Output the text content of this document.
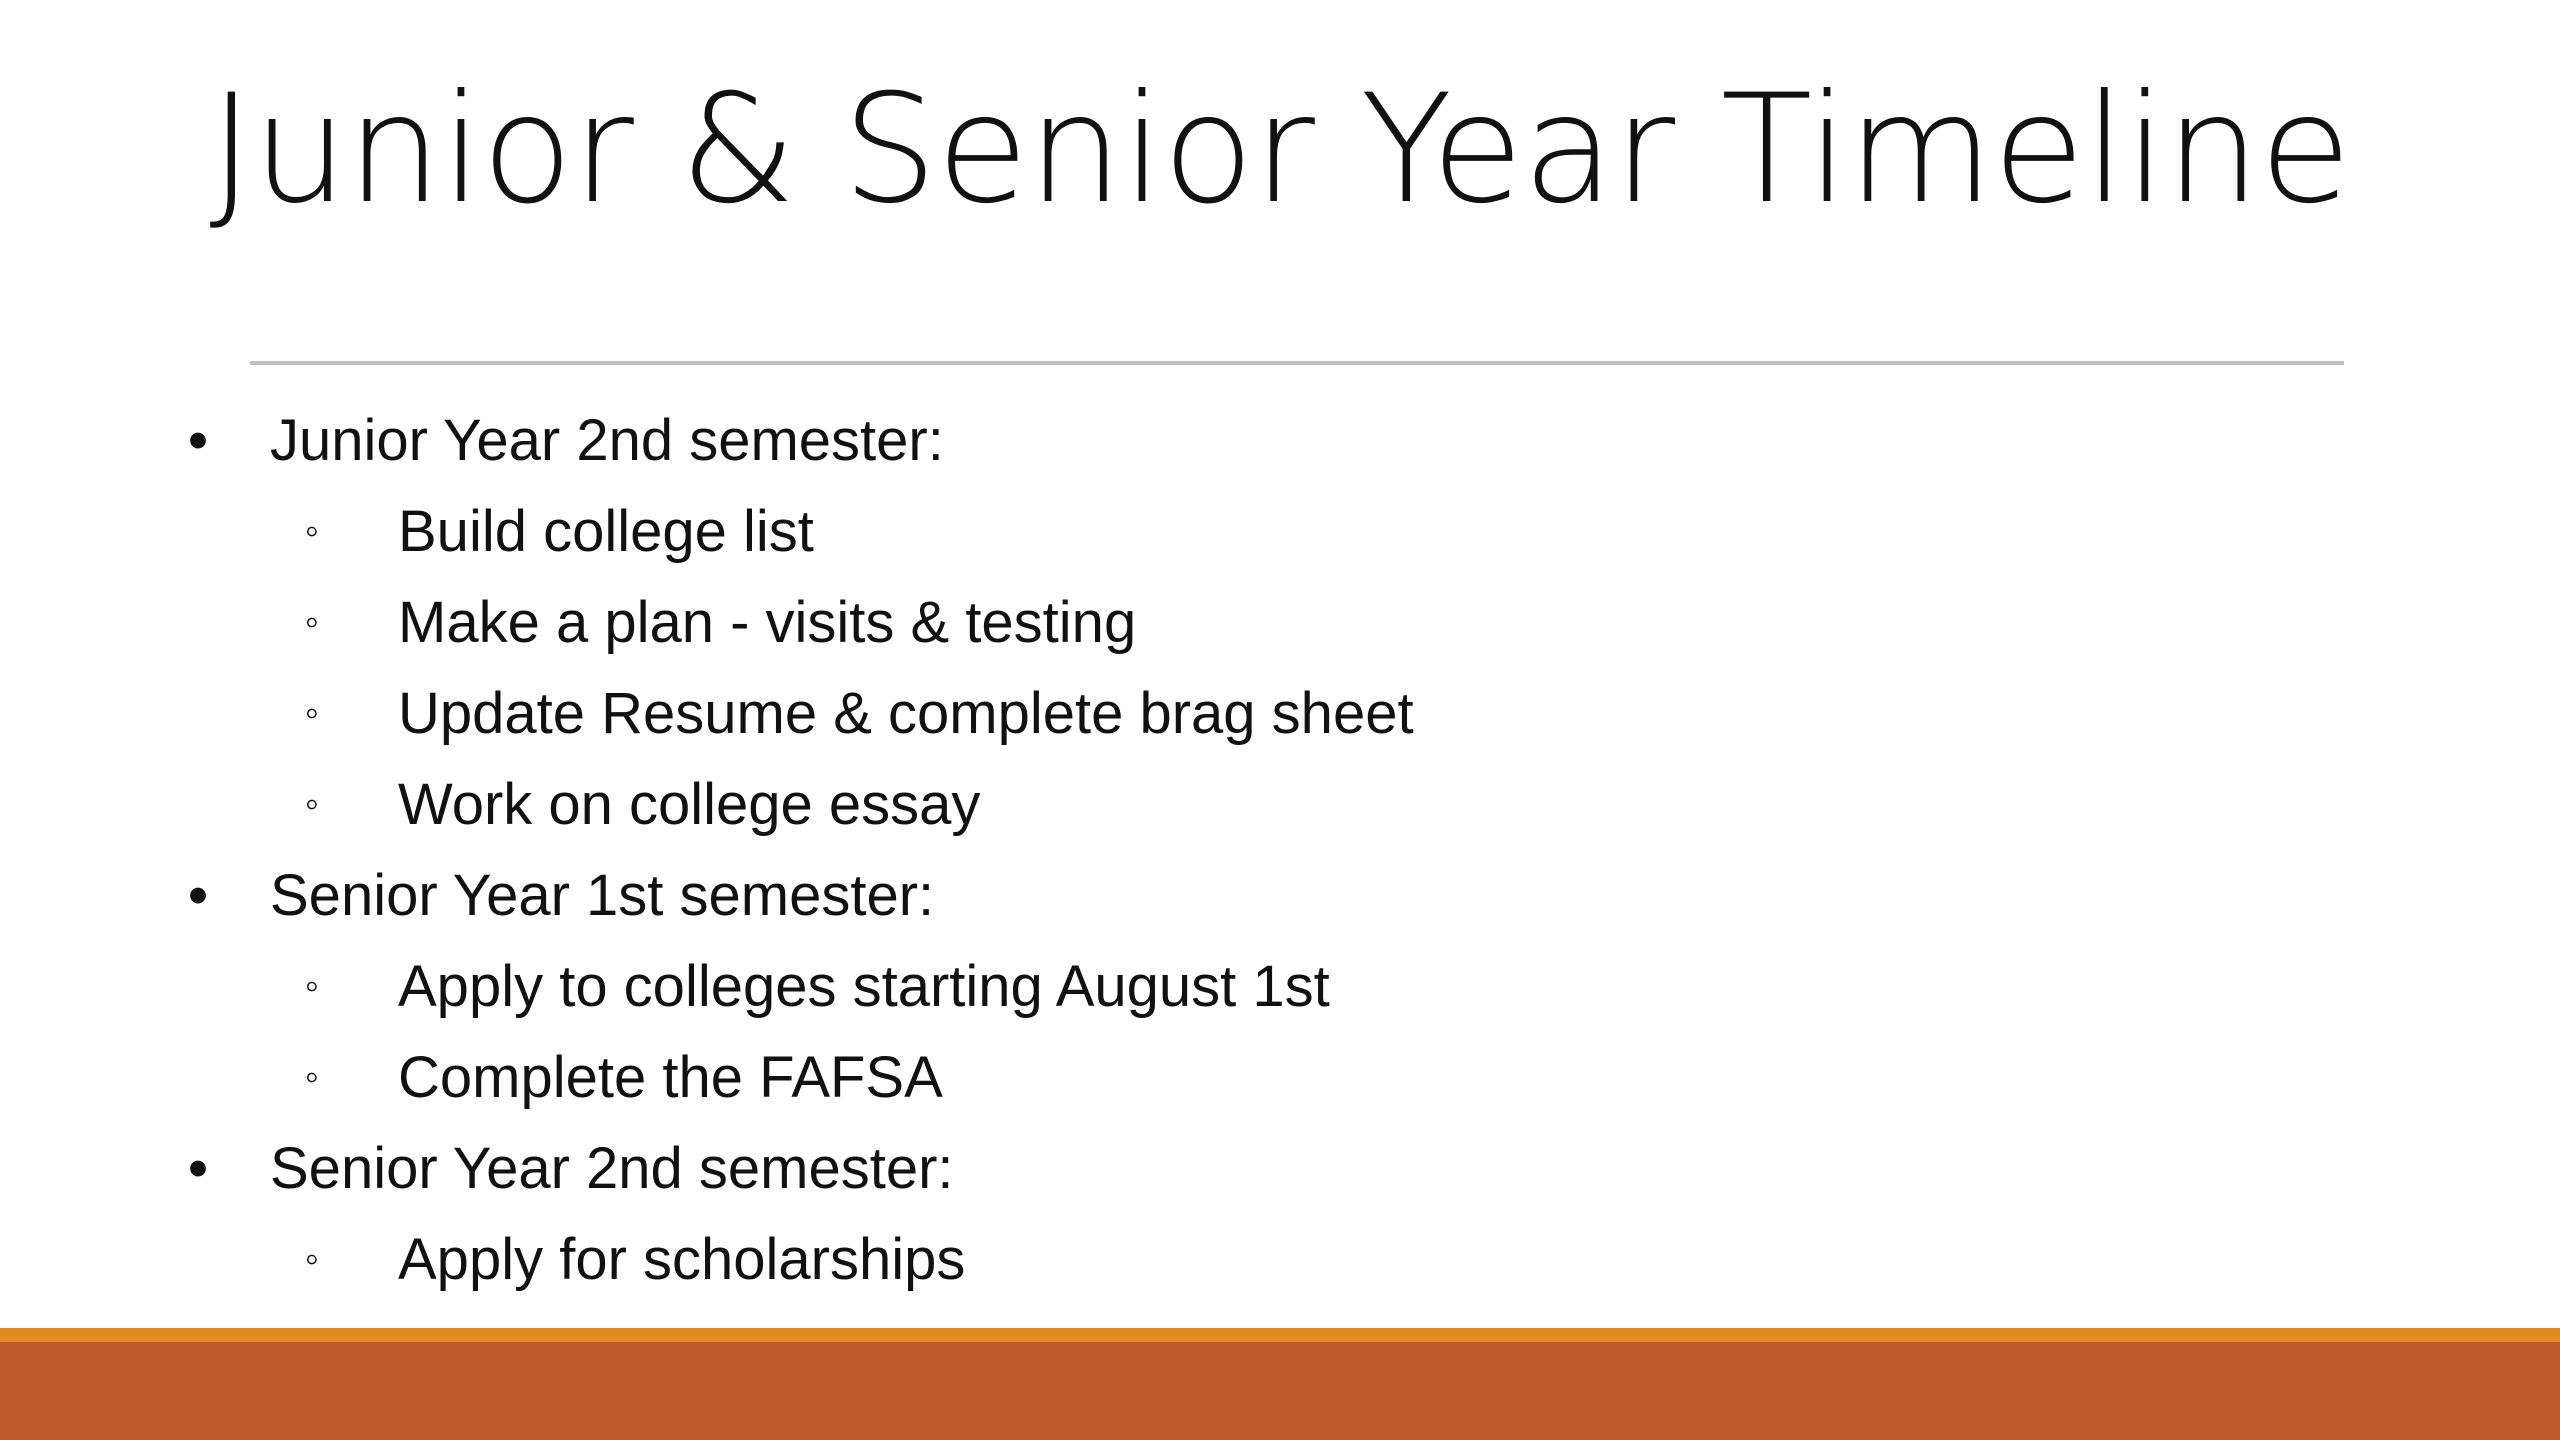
Junior & Senior Year Timeline
• Junior Year 2nd semester:
◦ Build college list
◦ Make a plan - visits & testing
◦ Update Resume & complete brag sheet
◦ Work on college essay
• Senior Year 1st semester:
◦ Apply to colleges starting August 1st
◦ Complete the FAFSA
• Senior Year 2nd semester:
◦ Apply for scholarships
